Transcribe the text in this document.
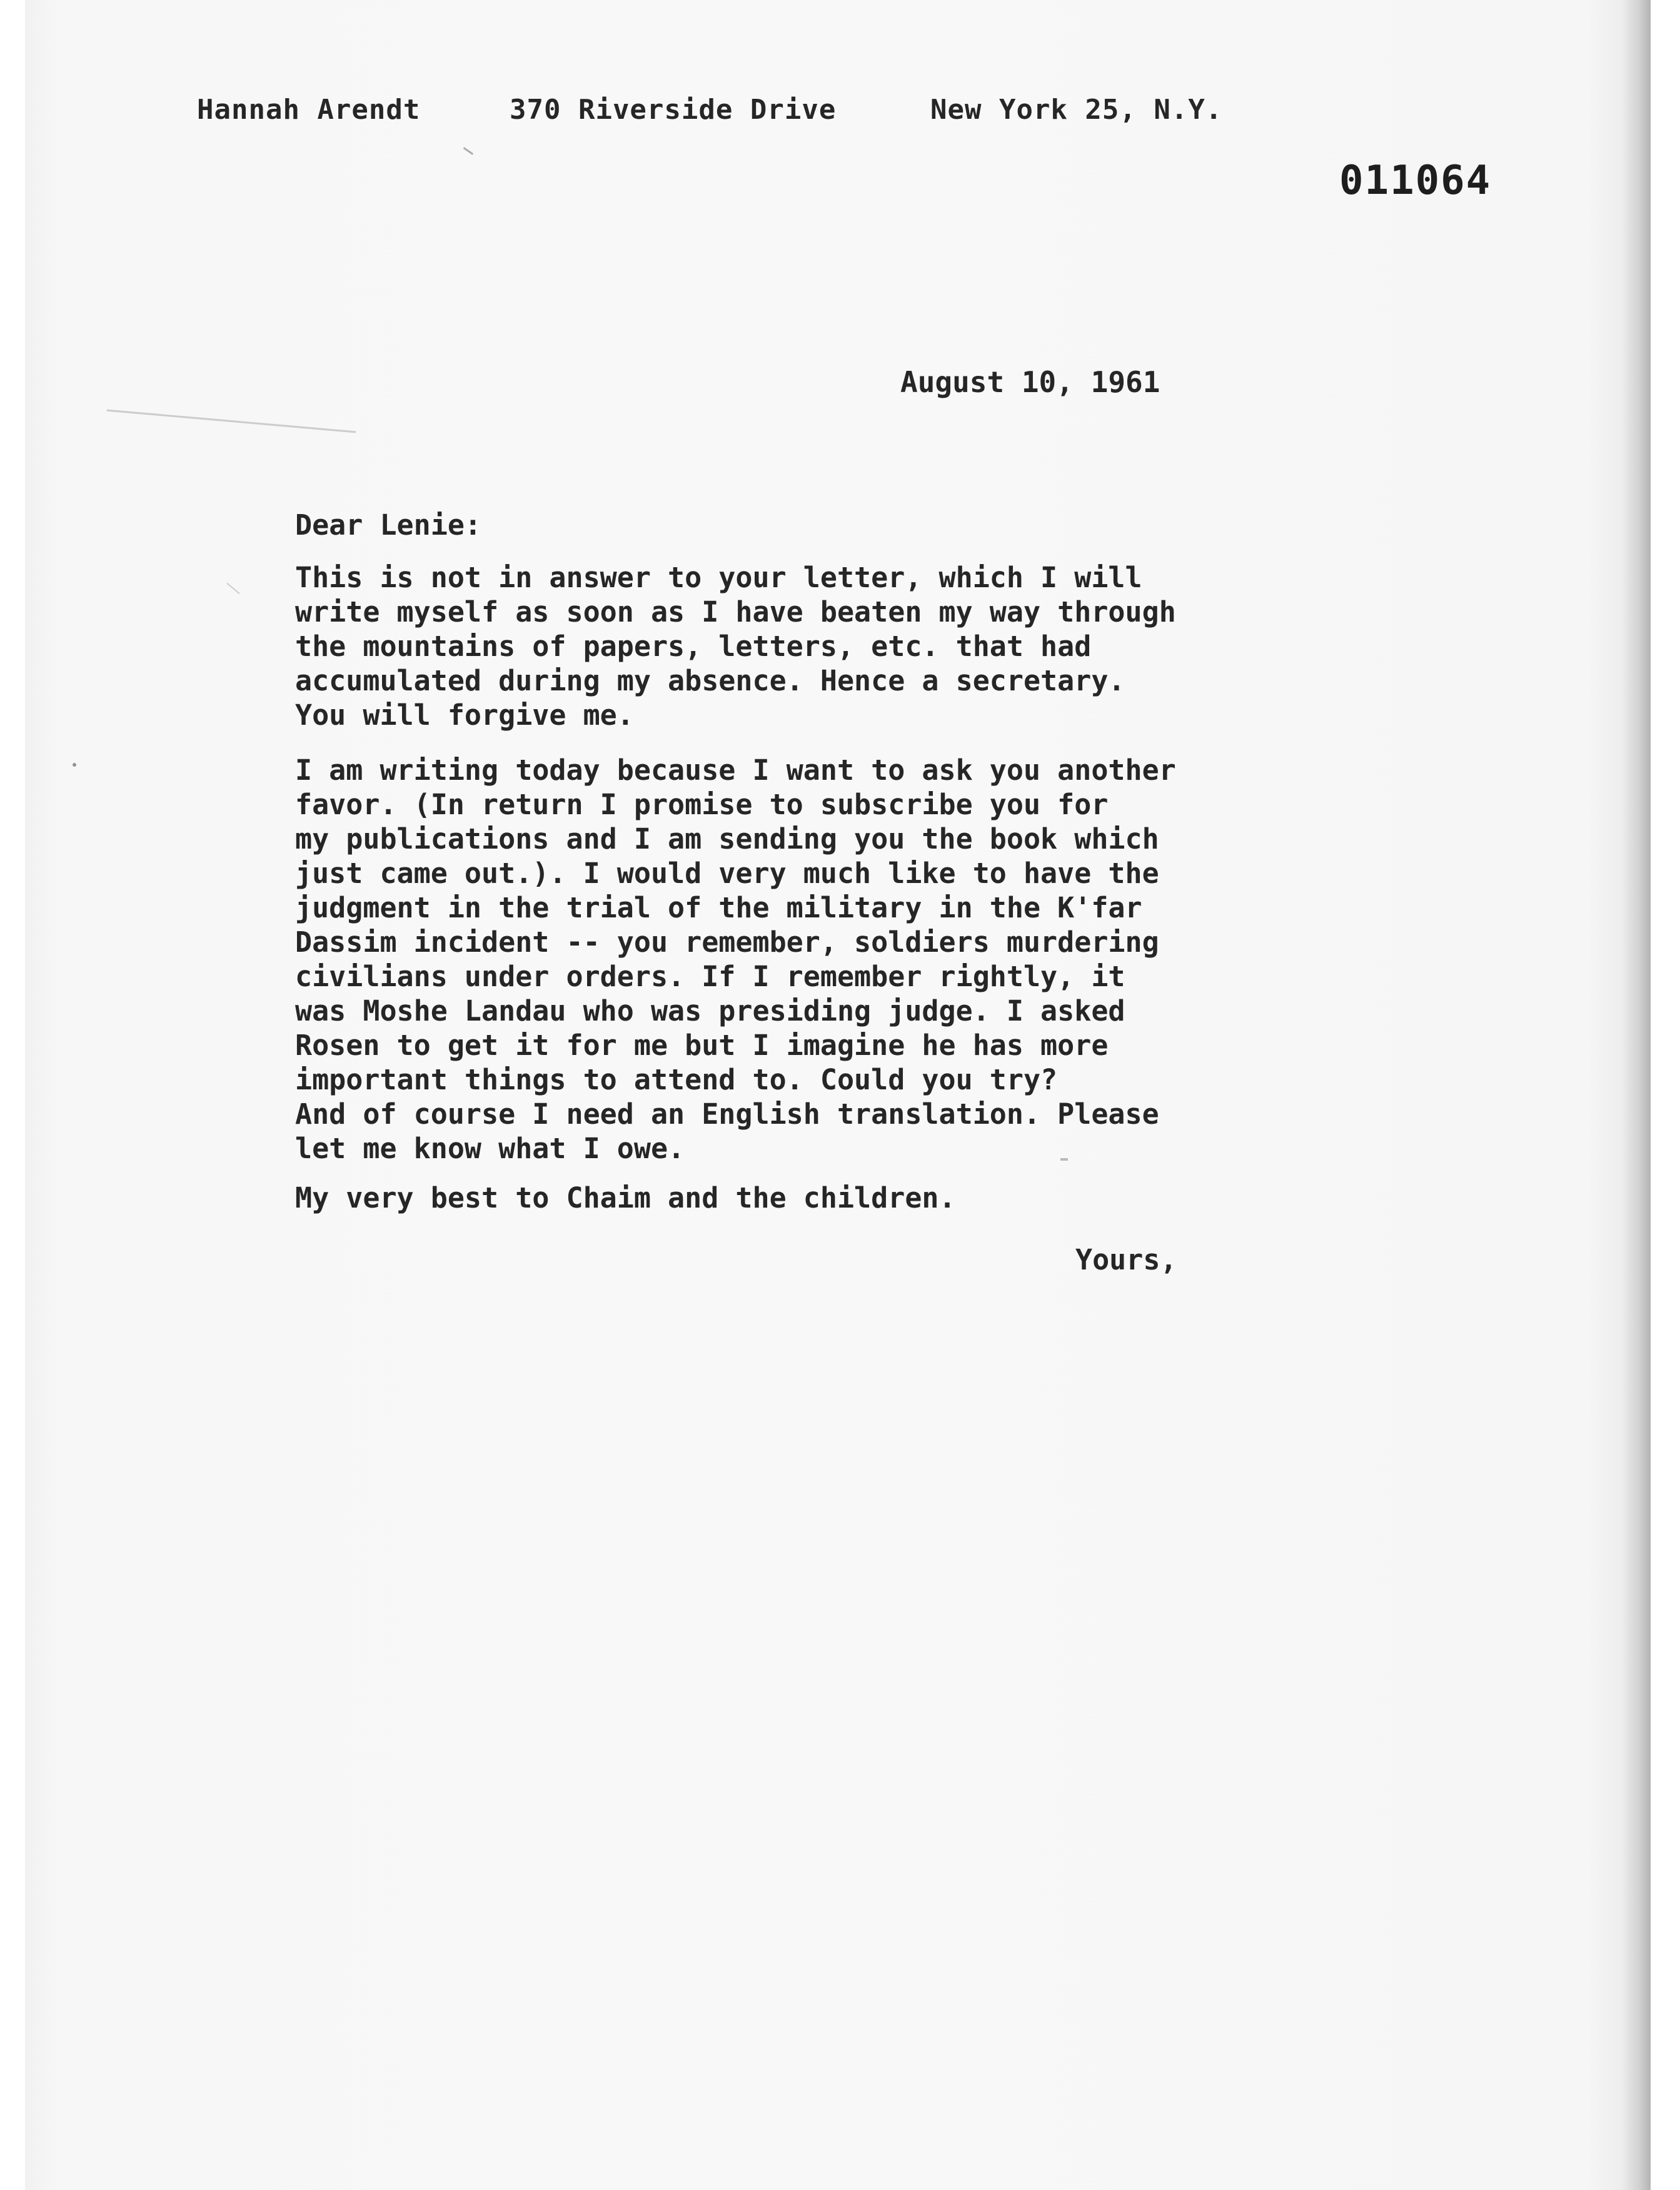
Hannah Arendt	370 Riverside Drive	New York 25, N.Y.
011064
August 10, 1961
Dear Lenie:
This is not in answer to your letter, which I will
write myself as soon as I have beaten my way through
the mountains of papers, letters, etc. that had
accumulated during my absence. Hence a secretary.
You will forgive me.
I am writing today because I want to ask you another
favor. (In return I promise to subscribe you for
my publications and I am sending you the book which
just came out.). I would very much like to have the
judgment in the trial of the military in the K'far
Dassim incident -- you remember, soldiers murdering
civilians under orders. If I remember rightly, it
was Moshe Landau who was presiding judge. I asked
Rosen to get it for me but I imagine he has more
important things to attend to. Could you try?
And of course I need an English translation. Please
let me know what I owe.
My very best to Chaim and the children.
Yours,
